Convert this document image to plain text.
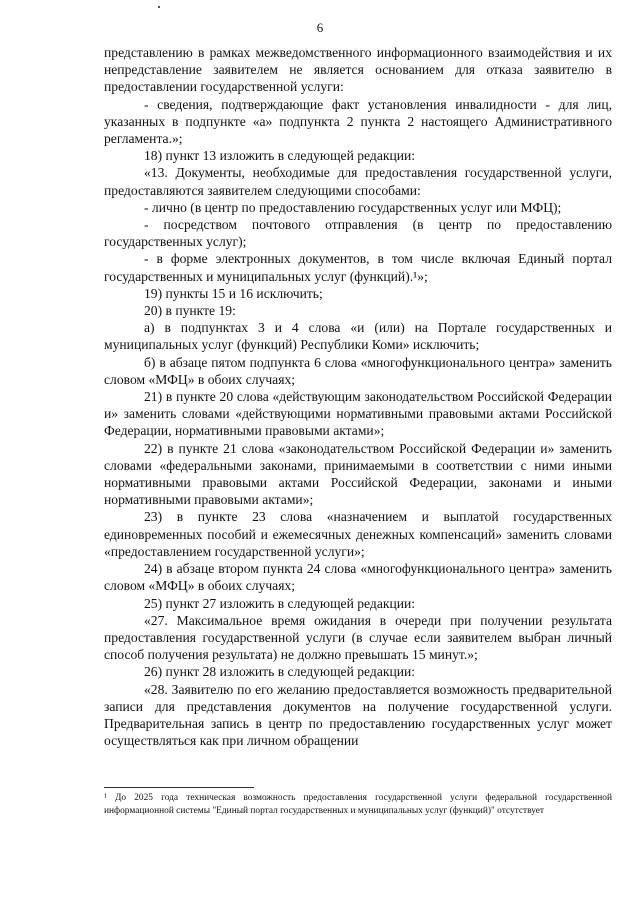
6

представлению в рамках межведомственного информационного взаимодействия и их непредставление заявителем не является основанием для отказа заявителю в предоставлении государственной услуги:

- сведения, подтверждающие факт установления инвалидности - для лиц, указанных в подпункте «а» подпункта 2 пункта 2 настоящего Административного регламента.»;

18) пункт 13 изложить в следующей редакции:

«13. Документы, необходимые для предоставления государственной услуги, предоставляются заявителем следующими способами:

- лично (в центр по предоставлению государственных услуг или МФЦ);

- посредством почтового отправления (в центр по предоставлению государственных услуг);

- в форме электронных документов, в том числе включая Единый портал государственных и муниципальных услуг (функций).¹»;

19) пункты 15 и 16 исключить;

20) в пункте 19:

а) в подпунктах 3 и 4 слова «и (или) на Портале государственных и муниципальных услуг (функций) Республики Коми» исключить;

б) в абзаце пятом подпункта 6 слова «многофункционального центра» заменить словом «МФЦ» в обоих случаях;

21) в пункте 20 слова «действующим законодательством Российской Федерации и» заменить словами «действующими нормативными правовыми актами Российской Федерации, нормативными правовыми актами»;

22) в пункте 21 слова «законодательством Российской Федерации и» заменить словами «федеральными законами, принимаемыми в соответствии с ними иными нормативными правовыми актами Российской Федерации, законами и иными нормативными правовыми актами»;

23) в пункте 23 слова «назначением и выплатой государственных единовременных пособий и ежемесячных денежных компенсаций» заменить словами «предоставлением государственной услуги»;

24) в абзаце втором пункта 24 слова «многофункционального центра» заменить словом «МФЦ» в обоих случаях;

25) пункт 27 изложить в следующей редакции:

«27. Максимальное время ожидания в очереди при получении результата предоставления государственной услуги (в случае если заявителем выбран личный способ получения результата) не должно превышать 15 минут.»;

26) пункт 28 изложить в следующей редакции:

«28. Заявителю по его желанию предоставляется возможность предварительной записи для представления документов на получение государственной услуги. Предварительная запись в центр по предоставлению государственных услуг может осуществляться как при личном обращении

¹ До 2025 года техническая возможность предоставления государственной услуги федеральной государственной информационной системы "Единый портал государственных и муниципальных услуг (функций)" отсутствует
